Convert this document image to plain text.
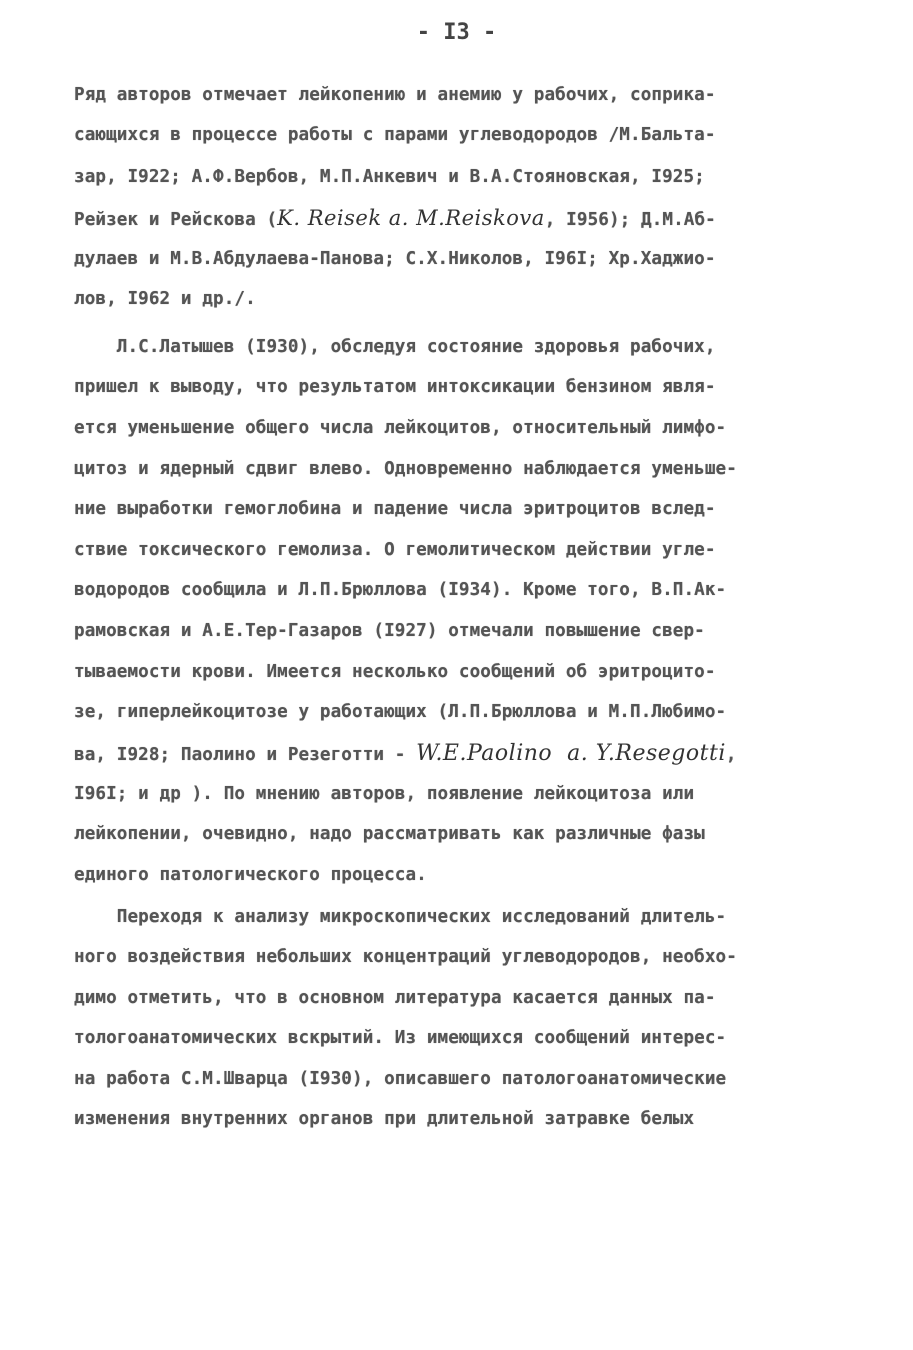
- I3 -
Ряд авторов отмечает лейкопению и анемию у рабочих, соприка-
сающихся в процессе работы с парами углеводородов /М.Бальта-
зар, I922; А.Ф.Вербов, М.П.Анкевич и В.А.Стояновская, I925;
Рейзек и Рейскова (K. Reisek a. M.Reiskova, I956); Д.М.Аб-
дулаев и М.В.Абдулаева-Панова; С.Х.Николов, I96I; Хр.Хаджио-
лов, I962 и др./.
Л.С.Латышев (I930), обследуя состояние здоровья рабочих,
пришел к выводу, что результатом интоксикации бензином явля-
ется уменьшение общего числа лейкоцитов, относительный лимфо-
цитоз и ядерный сдвиг влево. Одновременно наблюдается уменьше-
ние выработки гемоглобина и падение числа эритроцитов вслед-
ствие токсического гемолиза. О гемолитическом действии угле-
водородов сообщила и Л.П.Брюллова (I934). Кроме того, В.П.Ак-
рамовская и А.Е.Тер-Газаров (I927) отмечали повышение свер-
тываемости крови. Имеется несколько сообщений об эритроцито-
зе, гиперлейкоцитозе у работающих (Л.П.Брюллова и М.П.Любимо-
ва, I928; Паолино и Резеготти - W.E.Paolino  a. Y.Resegotti,
I96I; и др ). По мнению авторов, появление лейкоцитоза или
лейкопении, очевидно, надо рассматривать как различные фазы
единого патологического процесса.
Переходя к анализу микроскопических исследований длитель-
ного воздействия небольших концентраций углеводородов, необхо-
димо отметить, что в основном литература касается данных па-
тологоанатомических вскрытий. Из имеющихся сообщений интерес-
на работа С.М.Шварца (I930), описавшего патологоанатомические
изменения внутренних органов при длительной затравке белых
